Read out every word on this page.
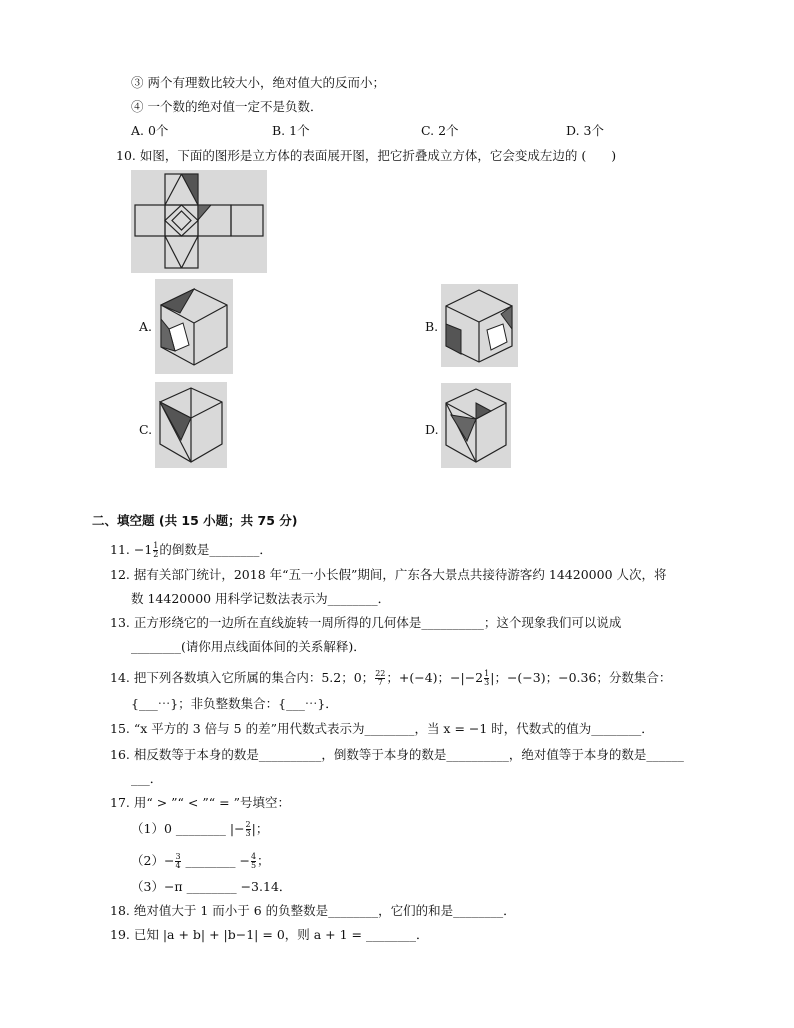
③ 两个有理数比较大小，绝对值大的反而小；
④ 一个数的绝对值一定不是负数．
A. 0个	B. 1个	C. 2个	D. 3个
10. 如图，下面的图形是立方体的表面展开图，把它折叠成立方体，它会变成左边的 (　　)
A.	B.
C.	D.
二、填空题 (共 15 小题；共 75 分)
11. $-1\frac{1}{2}$ 的倒数是________．
12. 据有关部门统计，2018 年“五一小长假”期间，广东各大景点共接待游客约 14420000 人次，将
数 14420000 用科学记数法表示为________．
13. 正方形绕它的一边所在直线旋转一周所得的几何体是__________；这个现象我们可以说成
________(请你用点线面体间的关系解释)．
14. 把下列各数填入它所属的集合内：5.2；0；$\frac{22}{7}$ ；+(−4)；$-|-2\frac{1}{3}$ |；−(−3)；−0.36̇；分数集合：
{___⋯}；非负整数集合：{___⋯}．
15. “x 平方的 3 倍与 5 的差”用代数式表示为________，当 x = −1 时，代数式的值为________．
16. 相反数等于本身的数是__________，倒数等于本身的数是__________，绝对值等于本身的数是______
___．
17. 用“ > ”“ < ”“ = ”号填空：
（1）0 ________ $|-\frac{2}{3}$ |；
$(2)-\frac{3}{4}$ ________ $-\frac{4}{5}$ ；
（3）−π ________ −3.14．
18. 绝对值大于 1 而小于 6 的负整数是________，它们的和是________．
19. 已知 |a + b| + |b−1| = 0，则 a + 1 = ________．
